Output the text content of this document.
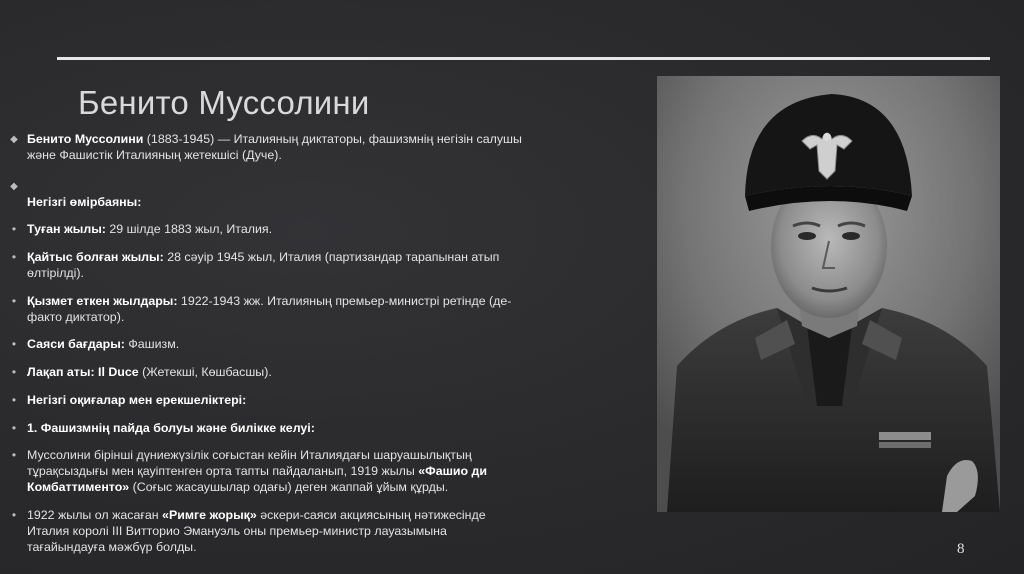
Бенито Муссолини
◆ Бенито Муссолини (1883-1945) — Италияның диктаторы, фашизмнің негізін салушы және Фашистік Италияның жетекшісі (Дуче).
◆
Негізгі өмірбаяны:
• Туған жылы: 29 шілде 1883 жыл, Италия.
• Қайтыс болған жылы: 28 сәуір 1945 жыл, Италия (партизандар тарапынан атып өлтірілді).
• Қызмет еткен жылдары: 1922-1943 жж. Италияның премьер-министрі ретінде (де-факто диктатор).
• Саяси бағдары: Фашизм.
• Лақап аты: Il Duce (Жетекші, Көшбасшы).
• Негізгі оқиғалар мен ерекшеліктері:
• 1. Фашизмнің пайда болуы және билікке келуі:
• Муссолини бірінші дүниежүзілік соғыстан кейін Италиядағы шаруашылықтың тұрақсыздығы мен қауіптенген орта тапты пайдаланып, 1919 жылы «Фашио ди Комбаттименто» (Соғыс жасаушылар одағы) деген жаппай ұйым құрды.
• 1922 жылы ол жасаған «Римге жорық» әскери-саяси акциясының нәтижесінде Италия королі III Витторио Эмануэль оны премьер-министр лауазымына тағайындауға мәжбүр болды.	8
